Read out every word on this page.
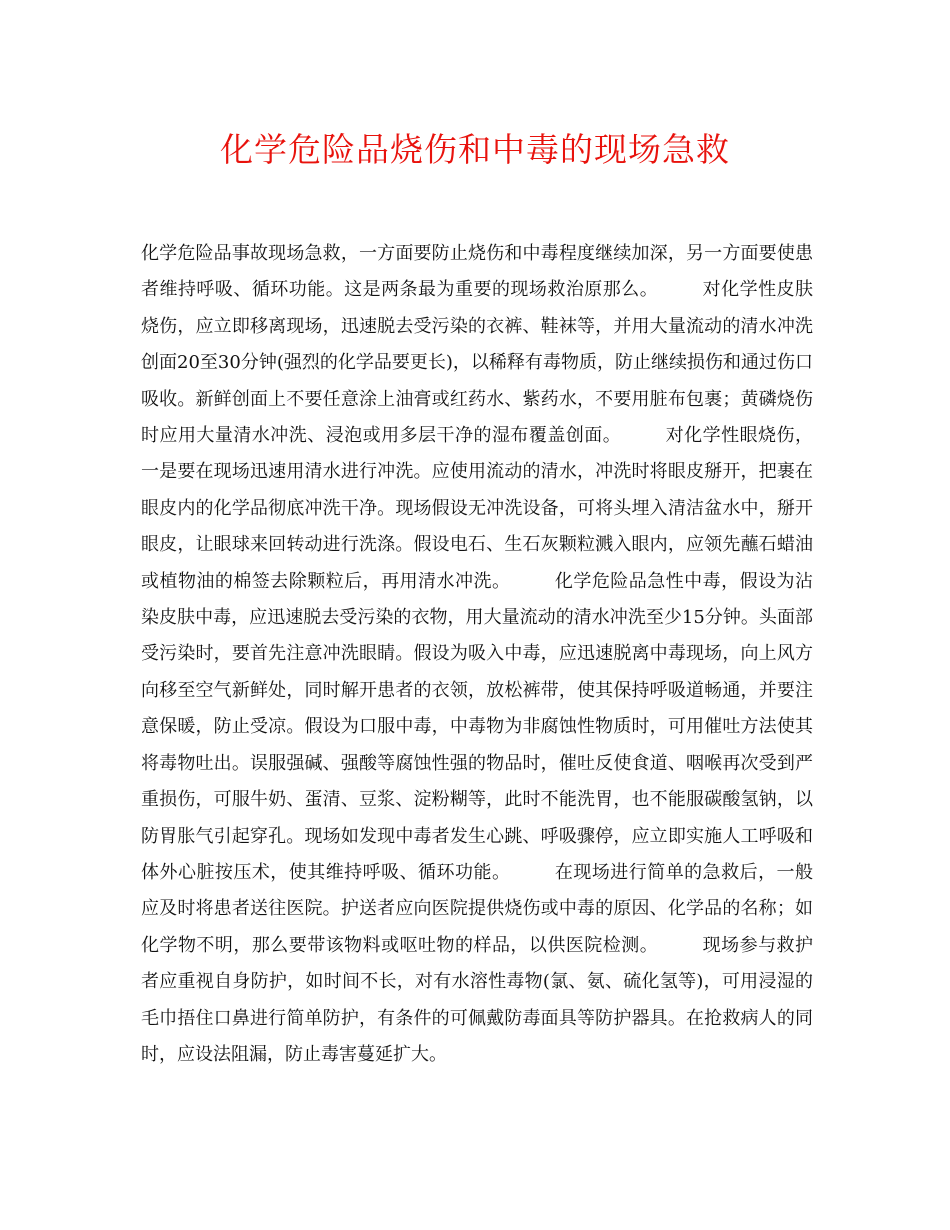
化学危险品烧伤和中毒的现场急救
化学危险品事故现场急救，一方面要防止烧伤和中毒程度继续加深，另一方面要使患者维持呼吸、循环功能。这是两条最为重要的现场救治原那么。 对化学性皮肤烧伤，应立即移离现场，迅速脱去受污染的衣裤、鞋袜等，并用大量流动的清水冲洗创面20至30分钟(强烈的化学品要更长)，以稀释有毒物质，防止继续损伤和通过伤口吸收。新鲜创面上不要任意涂上油膏或红药水、紫药水，不要用脏布包裹；黄磷烧伤时应用大量清水冲洗、浸泡或用多层干净的湿布覆盖创面。 对化学性眼烧伤，一是要在现场迅速用清水进行冲洗。应使用流动的清水，冲洗时将眼皮掰开，把裹在眼皮内的化学品彻底冲洗干净。现场假设无冲洗设备，可将头埋入清洁盆水中，掰开眼皮，让眼球来回转动进行洗涤。假设电石、生石灰颗粒溅入眼内，应领先蘸石蜡油或植物油的棉签去除颗粒后，再用清水冲洗。 化学危险品急性中毒，假设为沾染皮肤中毒，应迅速脱去受污染的衣物，用大量流动的清水冲洗至少15分钟。头面部受污染时，要首先注意冲洗眼睛。假设为吸入中毒，应迅速脱离中毒现场，向上风方向移至空气新鲜处，同时解开患者的衣领，放松裤带，使其保持呼吸道畅通，并要注意保暖，防止受凉。假设为口服中毒，中毒物为非腐蚀性物质时，可用催吐方法使其将毒物吐出。误服强碱、强酸等腐蚀性强的物品时，催吐反使食道、咽喉再次受到严重损伤，可服牛奶、蛋清、豆浆、淀粉糊等，此时不能洗胃，也不能服碳酸氢钠，以防胃胀气引起穿孔。现场如发现中毒者发生心跳、呼吸骤停，应立即实施人工呼吸和体外心脏按压术，使其维持呼吸、循环功能。 在现场进行简单的急救后，一般应及时将患者送往医院。护送者应向医院提供烧伤或中毒的原因、化学品的名称；如化学物不明，那么要带该物料或呕吐物的样品，以供医院检测。 现场参与救护者应重视自身防护，如时间不长，对有水溶性毒物(氯、氨、硫化氢等)，可用浸湿的毛巾捂住口鼻进行简单防护，有条件的可佩戴防毒面具等防护器具。在抢救病人的同时，应设法阻漏，防止毒害蔓延扩大。
